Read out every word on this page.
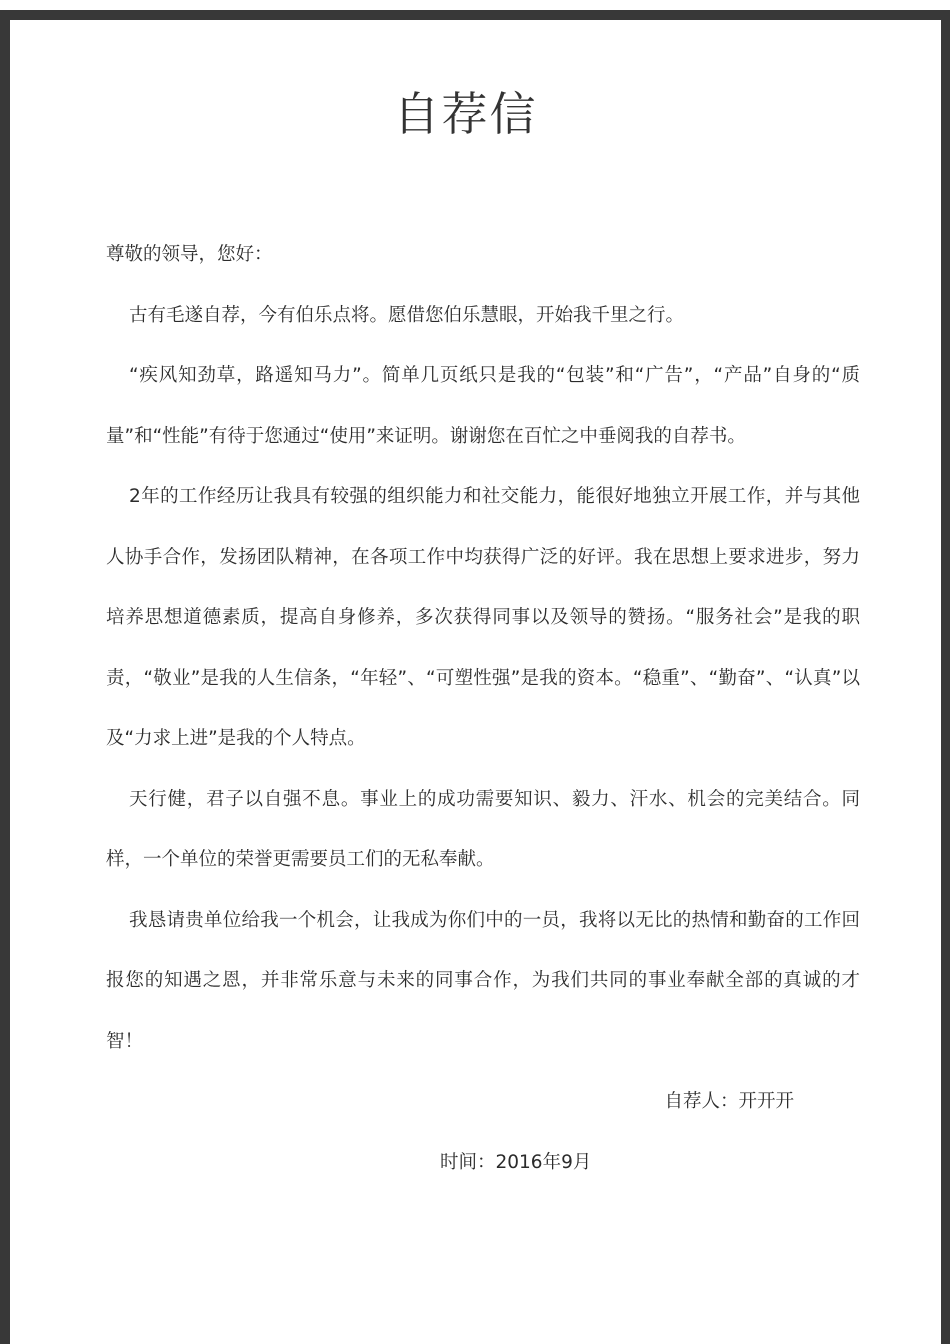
自荐信

尊敬的领导，您好：

古有毛遂自荐，今有伯乐点将。愿借您伯乐慧眼，开始我千里之行。

“疾风知劲草，路遥知马力”。简单几页纸只是我的“包装”和“广告”，“产品”自身的“质量”和“性能”有待于您通过“使用”来证明。谢谢您在百忙之中垂阅我的自荐书。

2年的工作经历让我具有较强的组织能力和社交能力，能很好地独立开展工作，并与其他人协手合作，发扬团队精神，在各项工作中均获得广泛的好评。我在思想上要求进步，努力培养思想道德素质，提高自身修养，多次获得同事以及领导的赞扬。“服务社会”是我的职责，“敬业”是我的人生信条，“年轻”、“可塑性强”是我的资本。“稳重”、“勤奋”、“认真”以及“力求上进”是我的个人特点。

天行健，君子以自强不息。事业上的成功需要知识、毅力、汗水、机会的完美结合。同样，一个单位的荣誉更需要员工们的无私奉献。

我恳请贵单位给我一个机会，让我成为你们中的一员，我将以无比的热情和勤奋的工作回报您的知遇之恩，并非常乐意与未来的同事合作，为我们共同的事业奉献全部的真诚的才智！

自荐人：开开开

时间：2016年9月
